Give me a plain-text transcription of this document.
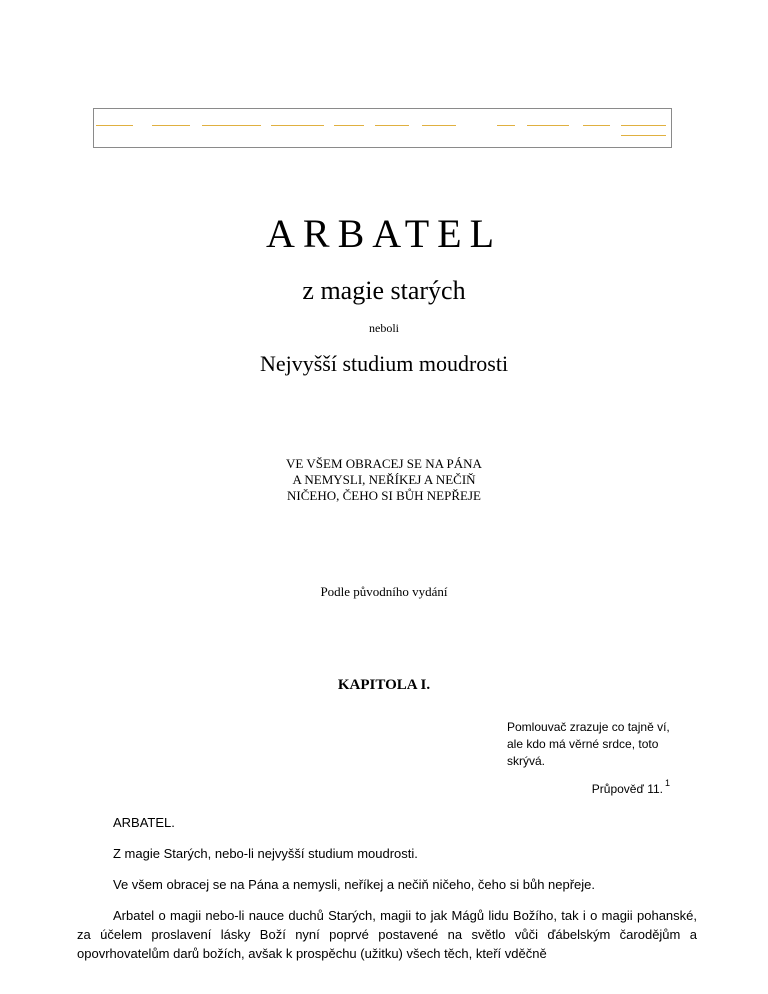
ARBATEL
z magie starých
neboli
Nejvyšší studium moudrosti
VE VŠEM OBRACEJ SE NA PÁNA
A NEMYSLI, NEŘÍKEJ A NEČIŇ
NIČEHO, ČEHO SI BŮH NEPŘEJE
Podle původního vydání
KAPITOLA I.
Pomlouvač zrazuje co tajně ví, ale kdo má věrné srdce, toto skrývá.
Průpověď 11. $^1$
ARBATEL.
Z magie Starých, nebo-li nejvyšší studium moudrosti.
Ve všem obracej se na Pána a nemysli, neříkej a nečiň ničeho, čeho si bůh nepřeje.
Arbatel o magii nebo-li nauce duchů Starých, magii to jak Mágů lidu Božího, tak i o magii pohanské, za účelem proslavení lásky Boží nyní poprvé postavené na světlo vůči ďábelským čarodějům a opovrhovatelům darů božích, avšak k prospěchu (užitku) všech těch, kteří vděčně
